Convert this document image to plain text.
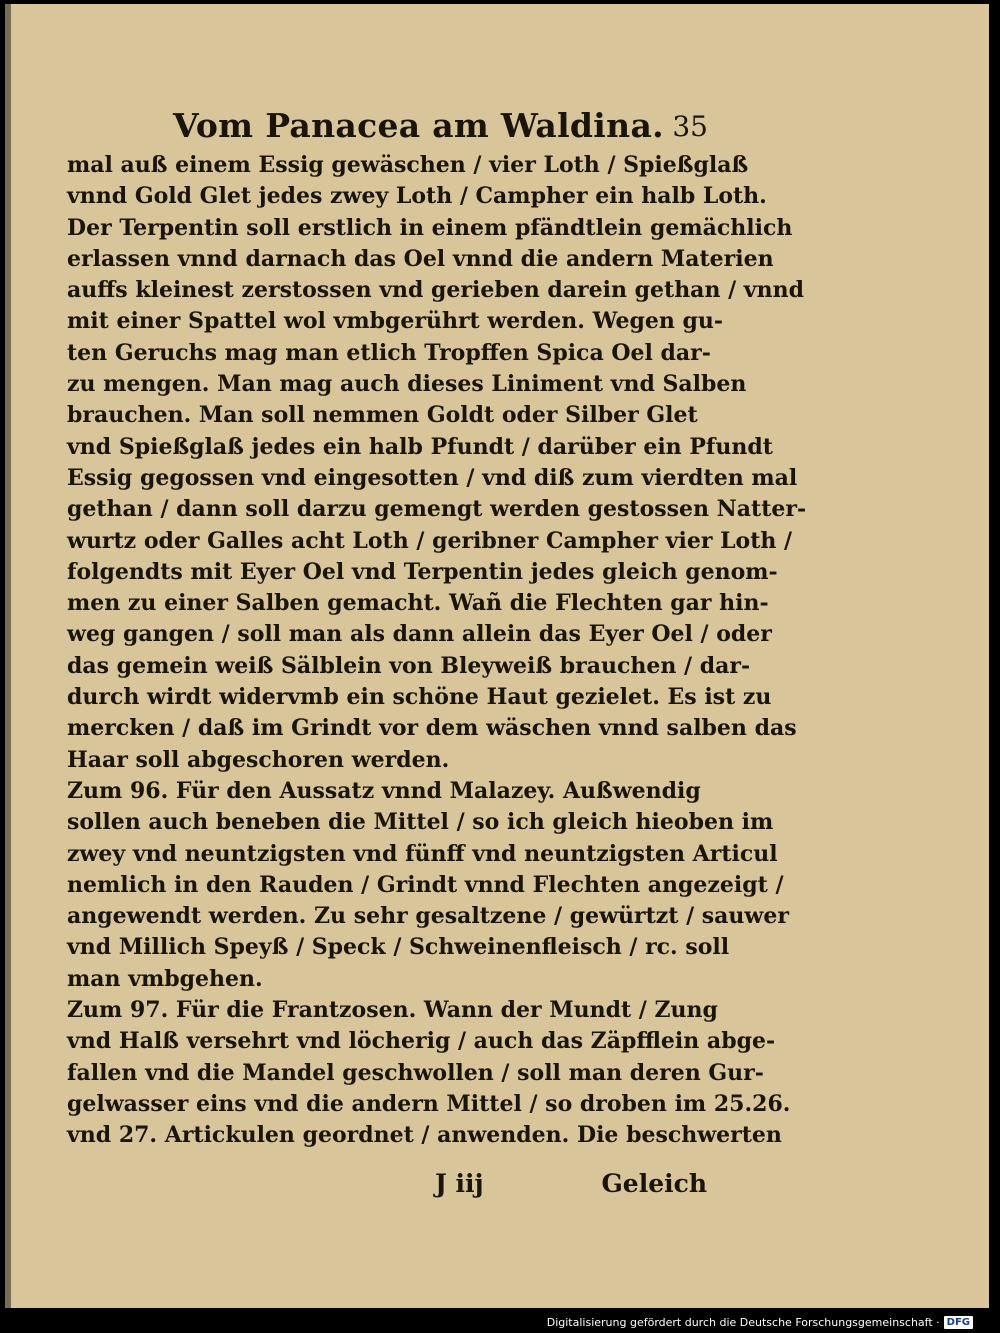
Vom Panacea am Waldina. 35
mal auß einem Essig gewäschen / vier Loth / Spießglaß
vnnd Gold Glet jedes zwey Loth / Campher ein halb Loth.
Der Terpentin soll erstlich in einem pfändtlein gemächlich
erlassen vnnd darnach das Oel vnnd die andern Materien
auffs kleinest zerstossen vnd gerieben darein gethan / vnnd
mit einer Spattel wol vmbgerührt werden. Wegen gu-
ten Geruchs mag man etlich Tropffen Spica Oel dar-
zu mengen. Man mag auch dieses Liniment vnd Salben
brauchen. Man soll nemmen Goldt oder Silber Glet
vnd Spießglaß jedes ein halb Pfundt / darüber ein Pfundt
Essig gegossen vnd eingesotten / vnd diß zum vierdten mal
gethan / dann soll darzu gemengt werden gestossen Natter-
wurtz oder Galles acht Loth / geribner Campher vier Loth /
folgendts mit Eyer Oel vnd Terpentin jedes gleich genom-
men zu einer Salben gemacht. Wañ die Flechten gar hin-
weg gangen / soll man als dann allein das Eyer Oel / oder
das gemein weiß Sälblein von Bleyweiß brauchen / dar-
durch wirdt widervmb ein schöne Haut gezielet. Es ist zu
mercken / daß im Grindt vor dem wäschen vnnd salben das
Haar soll abgeschoren werden.
Zum 96. Für den Aussatz vnnd Malazey. Außwendig
sollen auch beneben die Mittel / so ich gleich hieoben im
zwey vnd neuntzigsten vnd fünff vnd neuntzigsten Articul
nemlich in den Rauden / Grindt vnnd Flechten angezeigt /
angewendt werden. Zu sehr gesaltzene / gewürtzt / sauwer
vnd Millich Speyß / Speck / Schweinenfleisch / rc. soll
man vmbgehen.
Zum 97. Für die Frantzosen. Wann der Mundt / Zung
vnd Halß versehrt vnd löcherig / auch das Zäpfflein abge-
fallen vnd die Mandel geschwollen / soll man deren Gur-
gelwasser eins vnd die andern Mittel / so droben im 25.26.
vnd 27. Artickulen geordnet / anwenden. Die beschwerten
J iij	Geleich
Digitalisierung gefördert durch die Deutsche Forschungsgemeinschaft · DFG
